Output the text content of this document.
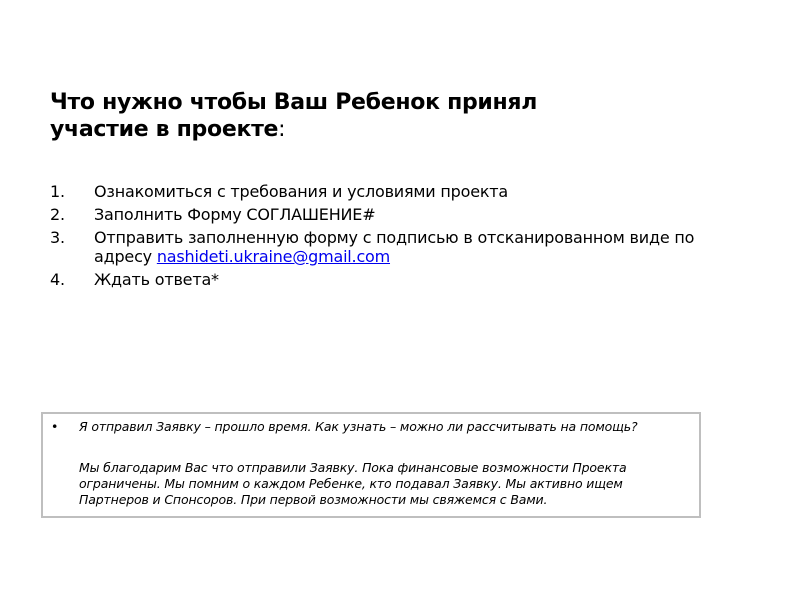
Что нужно чтобы Ваш Ребенок принял участие в проекте:
1. Ознакомиться с требования и условиями проекта
2. Заполнить Форму СОГЛАШЕНИЕ#
3. Отправить заполненную форму с подписью в отсканированном виде по адресу nashideti.ukraine@gmail.com
4. Ждать ответа*
•	Я отправил Заявку – прошло время. Как узнать – можно ли рассчитывать на помощь?
Мы благодарим Вас что отправили Заявку. Пока финансовые возможности Проекта ограничены. Мы помним о каждом Ребенке, кто подавал Заявку. Мы активно ищем Партнеров и Спонсоров. При первой возможности мы свяжемся с Вами.
